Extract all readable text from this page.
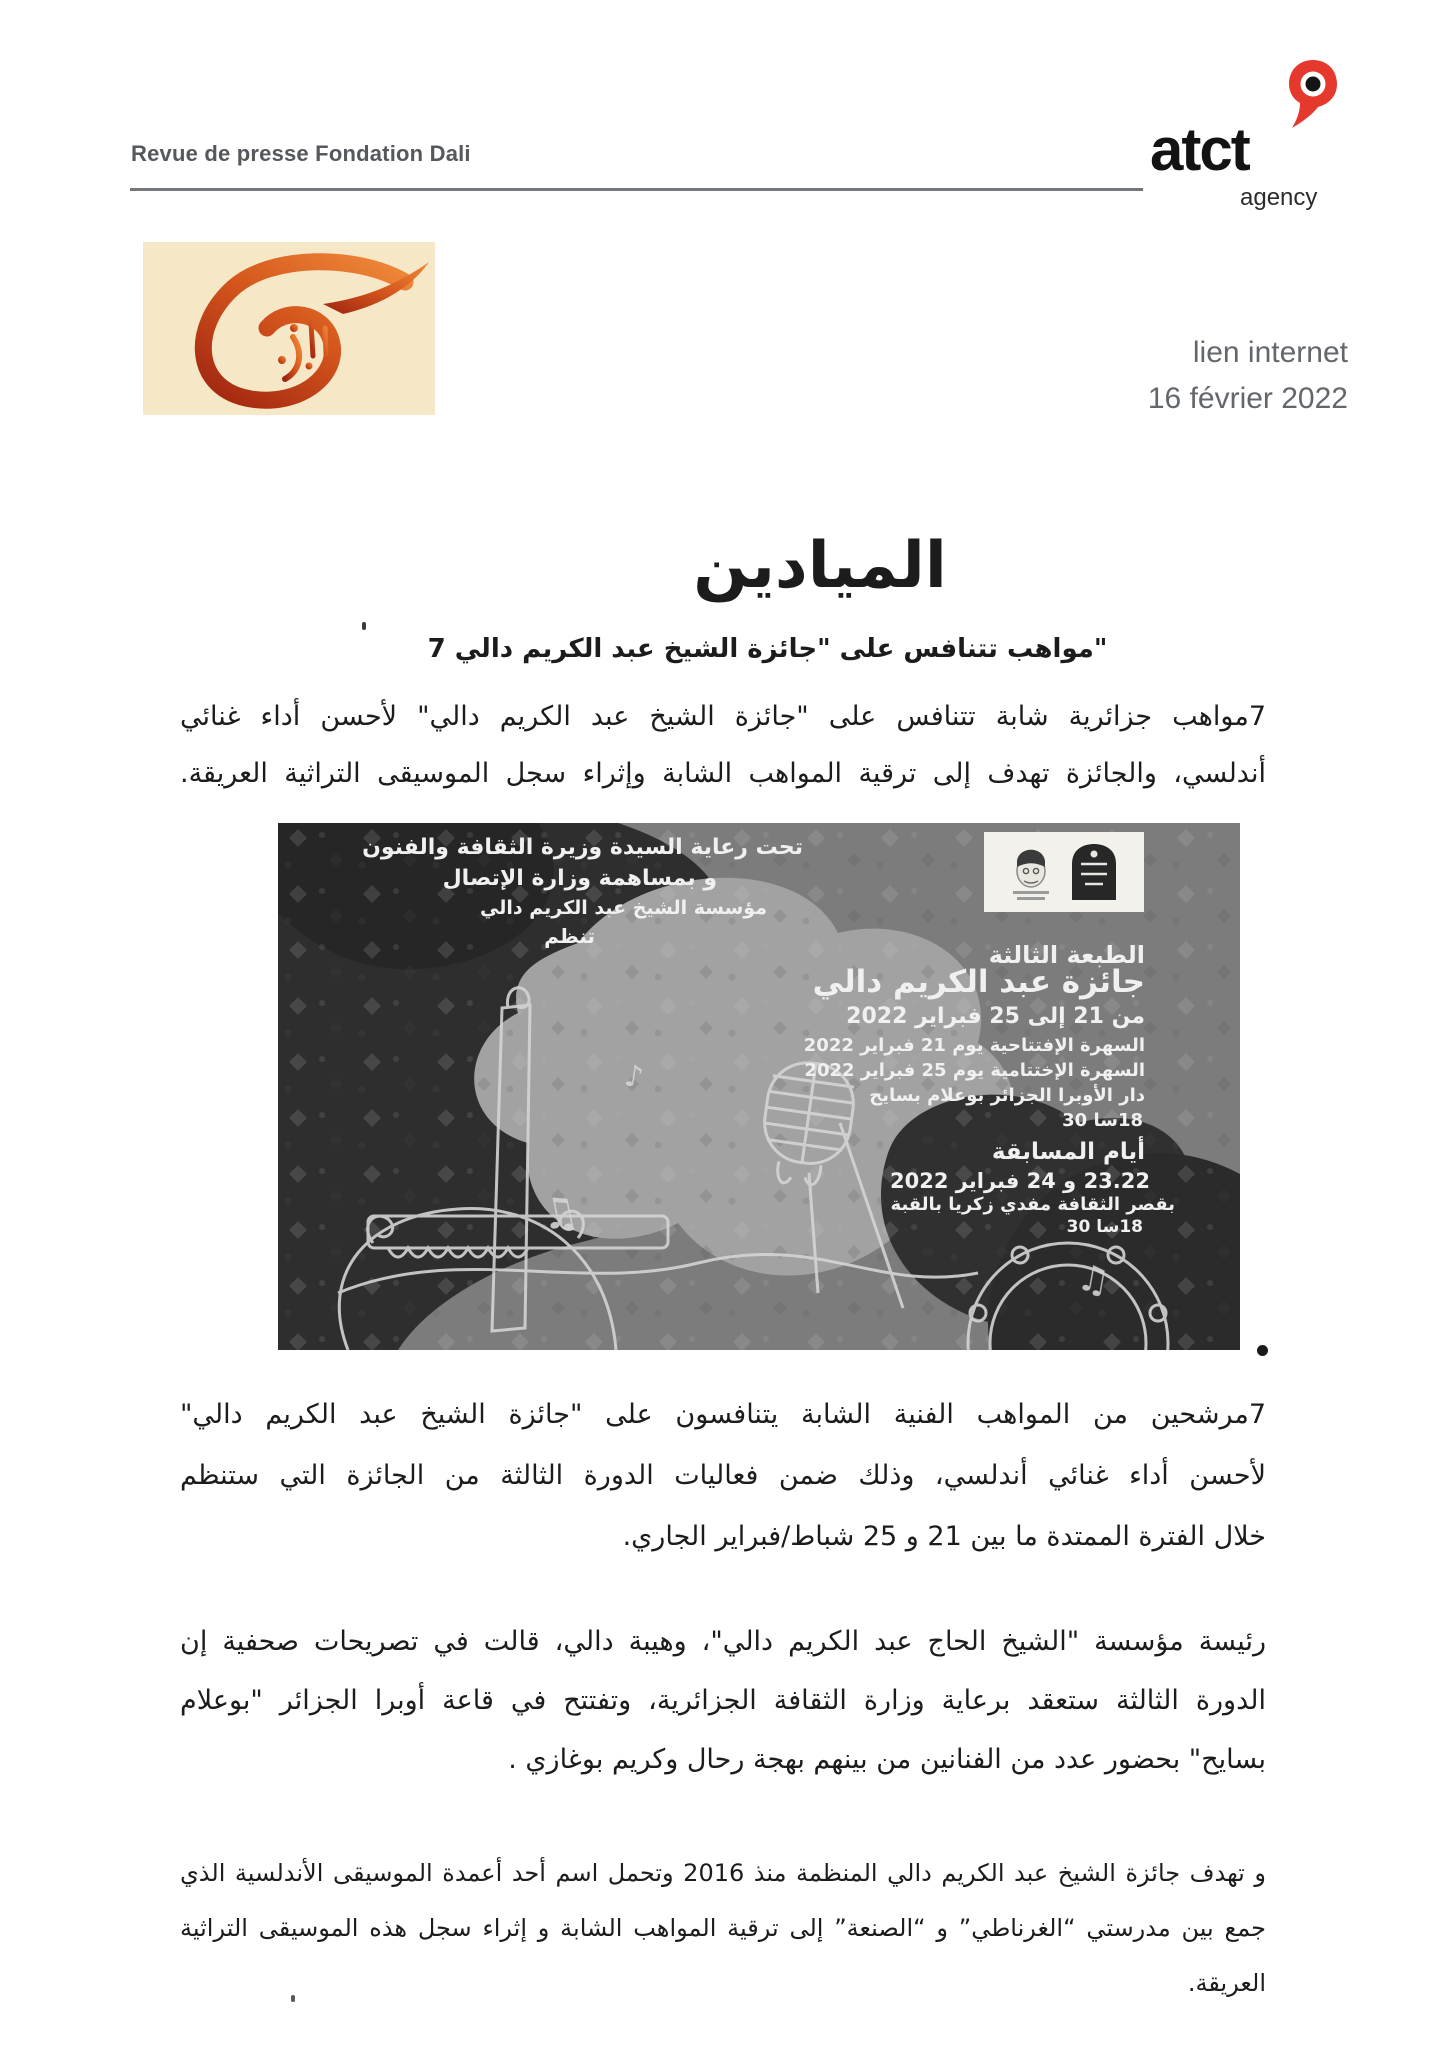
Revue de presse Fondation Dali	atct
agency
lien internet
16 février 2022
الميادين
"مواهب تتنافس على "جائزة الشيخ عبد الكريم دالي 7
7مواهب جزائرية شابة تتنافس على "جائزة الشيخ عبد الكريم دالي" لأحسن أداء غنائي
أندلسي، والجائزة تهدف إلى ترقية المواهب الشابة وإثراء سجل الموسيقى التراثية العريقة.
♫
♪
♫
تحت رعاية السيدة وزيرة الثقافة والفنون
و بمساهمة وزارة الإتصال
مؤسسة الشيخ عبد الكريم دالي
تنظم
الطبعة الثالثة
جائزة عبد الكريم دالي
من 21 إلى 25 فبراير 2022
السهرة الإفتتاحية يوم 21 فبراير 2022
السهرة الإختتامية يوم 25 فبراير 2022
دار الأوبرا الجزائر بوعلام بسايح
18سا 30
أيام المسابقة
23.22 و 24 فبراير 2022
بقصر الثقافة مفدي زكريا بالقبة
18سا 30
7مرشحين من المواهب الفنية الشابة يتنافسون على "جائزة الشيخ عبد الكريم دالي"
لأحسن أداء غنائي أندلسي، وذلك ضمن فعاليات الدورة الثالثة من الجائزة التي ستنظم
خلال الفترة الممتدة ما بين 21 و 25 شباط/فبراير الجاري.
رئيسة مؤسسة "الشيخ الحاج عبد الكريم دالي"، وهيبة دالي، قالت في تصريحات صحفية إن
الدورة الثالثة ستعقد برعاية وزارة الثقافة الجزائرية، وتفتتح في قاعة أوبرا الجزائر "بوعلام
بسايح" بحضور عدد من الفنانين من بينهم بهجة رحال وكريم بوغازي .
و تهدف جائزة الشيخ عبد الكريم دالي المنظمة منذ 2016 وتحمل اسم أحد أعمدة الموسيقى الأندلسية الذي
جمع بين مدرستي “الغرناطي” و “الصنعة” إلى ترقية المواهب الشابة و إثراء سجل هذه الموسيقى التراثية
العريقة.
